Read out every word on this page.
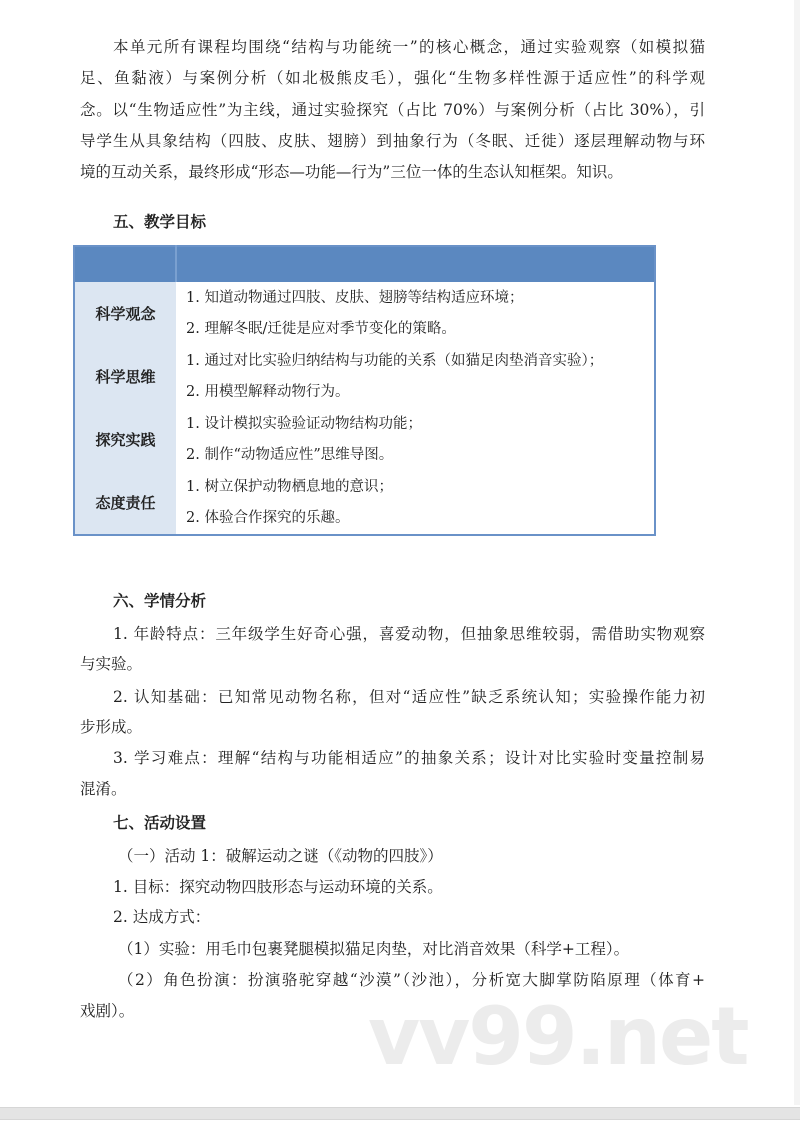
本单元所有课程均围绕“结构与功能统一”的核心概念，通过实验观察（如模拟猫
足、鱼黏液）与案例分析（如北极熊皮毛），强化“生物多样性源于适应性”的科学观
念。以“生物适应性”为主线，通过实验探究（占比 70%）与案例分析（占比 30%），引
导学生从具象结构（四肢、皮肤、翅膀）到抽象行为（冬眠、迁徙）逐层理解动物与环
境的互动关系，最终形成“形态—功能—行为”三位一体的生态认知框架。知识。
五、教学目标

科学观念	1. 知道动物通过四肢、皮肤、翅膀等结构适应环境；
2. 理解冬眠/迁徙是应对季节变化的策略。

科学思维	1. 通过对比实验归纳结构与功能的关系（如猫足肉垫消音实验）；
2. 用模型解释动物行为。

探究实践	1. 设计模拟实验验证动物结构功能；
2. 制作“动物适应性”思维导图。

态度责任	1. 树立保护动物栖息地的意识；
2. 体验合作探究的乐趣。
六、学情分析
1. 年龄特点：三年级学生好奇心强，喜爱动物，但抽象思维较弱，需借助实物观察
与实验。
2. 认知基础：已知常见动物名称，但对“适应性”缺乏系统认知；实验操作能力初
步形成。
3. 学习难点：理解“结构与功能相适应”的抽象关系；设计对比实验时变量控制易
混淆。
七、活动设置
（一）活动 1：破解运动之谜（《动物的四肢》）
1. 目标：探究动物四肢形态与运动环境的关系。
2. 达成方式：
（1）实验：用毛巾包裹凳腿模拟猫足肉垫，对比消音效果（科学+工程）。
（2）角色扮演：扮演骆驼穿越“沙漠”（沙池），分析宽大脚掌防陷原理（体育+
戏剧）。	vv99.net
